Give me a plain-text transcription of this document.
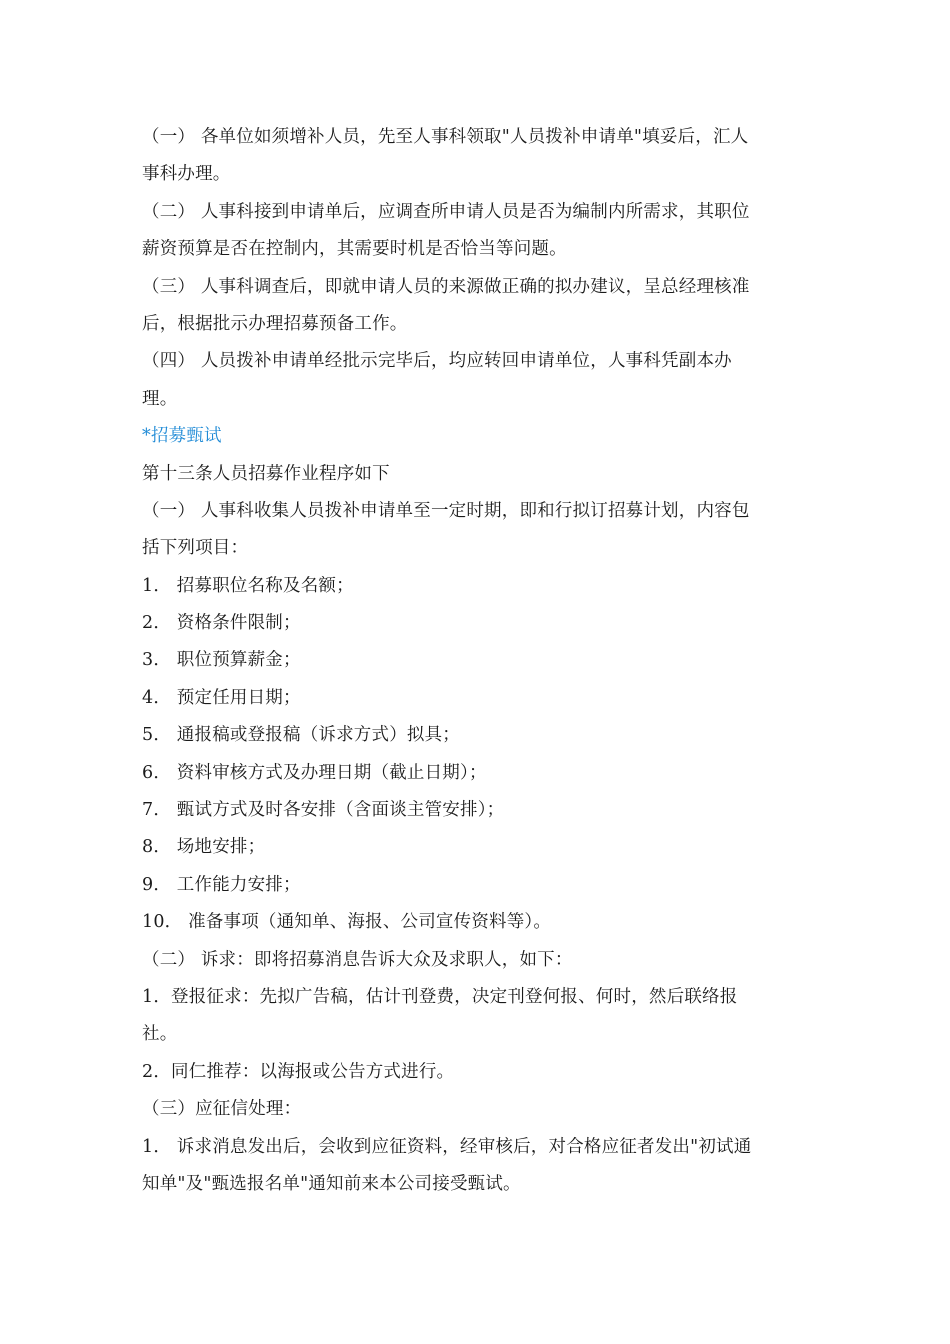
（一） 各单位如须增补人员，先至人事科领取"人员拨补申请单"填妥后，汇人
事科办理。
（二） 人事科接到申请单后，应调查所申请人员是否为编制内所需求，其职位
薪资预算是否在控制内，其需要时机是否恰当等问题。
（三） 人事科调查后，即就申请人员的来源做正确的拟办建议，呈总经理核准
后，根据批示办理招募预备工作。
（四） 人员拨补申请单经批示完毕后，均应转回申请单位，人事科凭副本办
理。
*招募甄试
第十三条人员招募作业程序如下
（一） 人事科收集人员拨补申请单至一定时期，即和行拟订招募计划，内容包
括下列项目：
1． 招募职位名称及名额；
2． 资格条件限制；
3． 职位预算薪金；
4． 预定任用日期；
5． 通报稿或登报稿（诉求方式）拟具；
6． 资料审核方式及办理日期（截止日期）；
7． 甄试方式及时各安排（含面谈主管安排）；
8． 场地安排；
9． 工作能力安排；
10． 准备事项（通知单、海报、公司宣传资料等）。
（二） 诉求：即将招募消息告诉大众及求职人，如下：
1．登报征求：先拟广告稿，估计刊登费，决定刊登何报、何时，然后联络报
社。
2．同仁推荐：以海报或公告方式进行。
（三）应征信处理：
1． 诉求消息发出后，会收到应征资料，经审核后，对合格应征者发出"初试通
知单"及"甄选报名单"通知前来本公司接受甄试。
